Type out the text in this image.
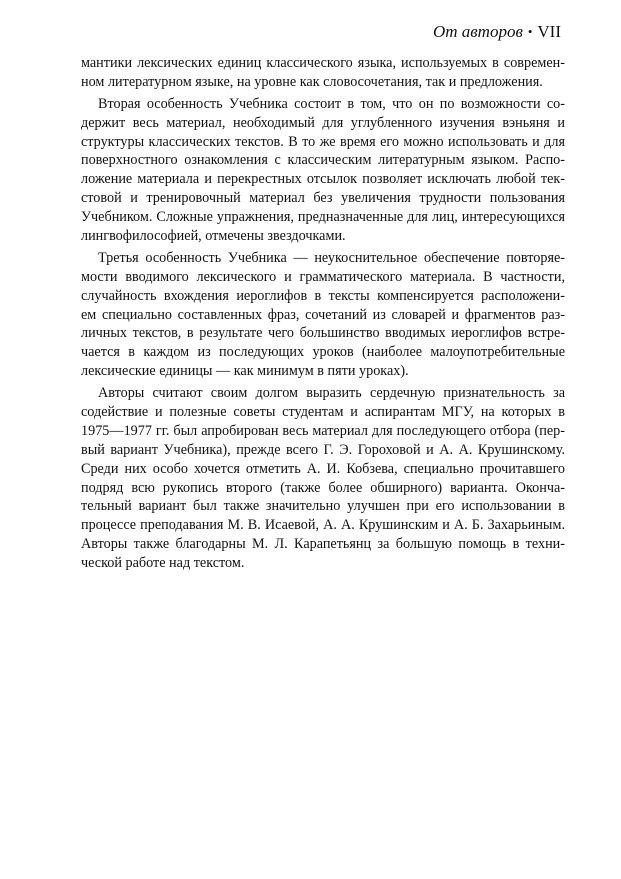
От авторов • VII
мантики лексических единиц классического языка, используемых в современ-
ном литературном языке, на уровне как словосочетания, так и предложения.
Вторая особенность Учебника состоит в том, что он по возможности со-
держит весь материал, необходимый для углубленного изучения вэньяня и
структуры классических текстов. В то же время его можно использовать и для
поверхностного ознакомления с классическим литературным языком. Распо-
ложение материала и перекрестных отсылок позволяет исключать любой тек-
стовой и тренировочный материал без увеличения трудности пользования
Учебником. Сложные упражнения, предназначенные для лиц, интересующихся
лингвофилософией, отмечены звездочками.
Третья особенность Учебника — неукоснительное обеспечение повторяе-
мости вводимого лексического и грамматического материала. В частности,
случайность вхождения иероглифов в тексты компенсируется расположени-
ем специально составленных фраз, сочетаний из словарей и фрагментов раз-
личных текстов, в результате чего большинство вводимых иероглифов встре-
чается в каждом из последующих уроков (наиболее малоупотребительные
лексические единицы — как минимум в пяти уроках).
Авторы считают своим долгом выразить сердечную признательность за
содействие и полезные советы студентам и аспирантам МГУ, на которых в
1975—1977 гг. был апробирован весь материал для последующего отбора (пер-
вый вариант Учебника), прежде всего Г. Э. Гороховой и А. А. Крушинскому.
Среди них особо хочется отметить А. И. Кобзева, специально прочитавшего
подряд всю рукопись второго (также более обширного) варианта. Оконча-
тельный вариант был также значительно улучшен при его использовании в
процессе преподавания М. В. Исаевой, А. А. Крушинским и А. Б. Захарьиным.
Авторы также благодарны М. Л. Карапетьянц за большую помощь в техни-
ческой работе над текстом.
